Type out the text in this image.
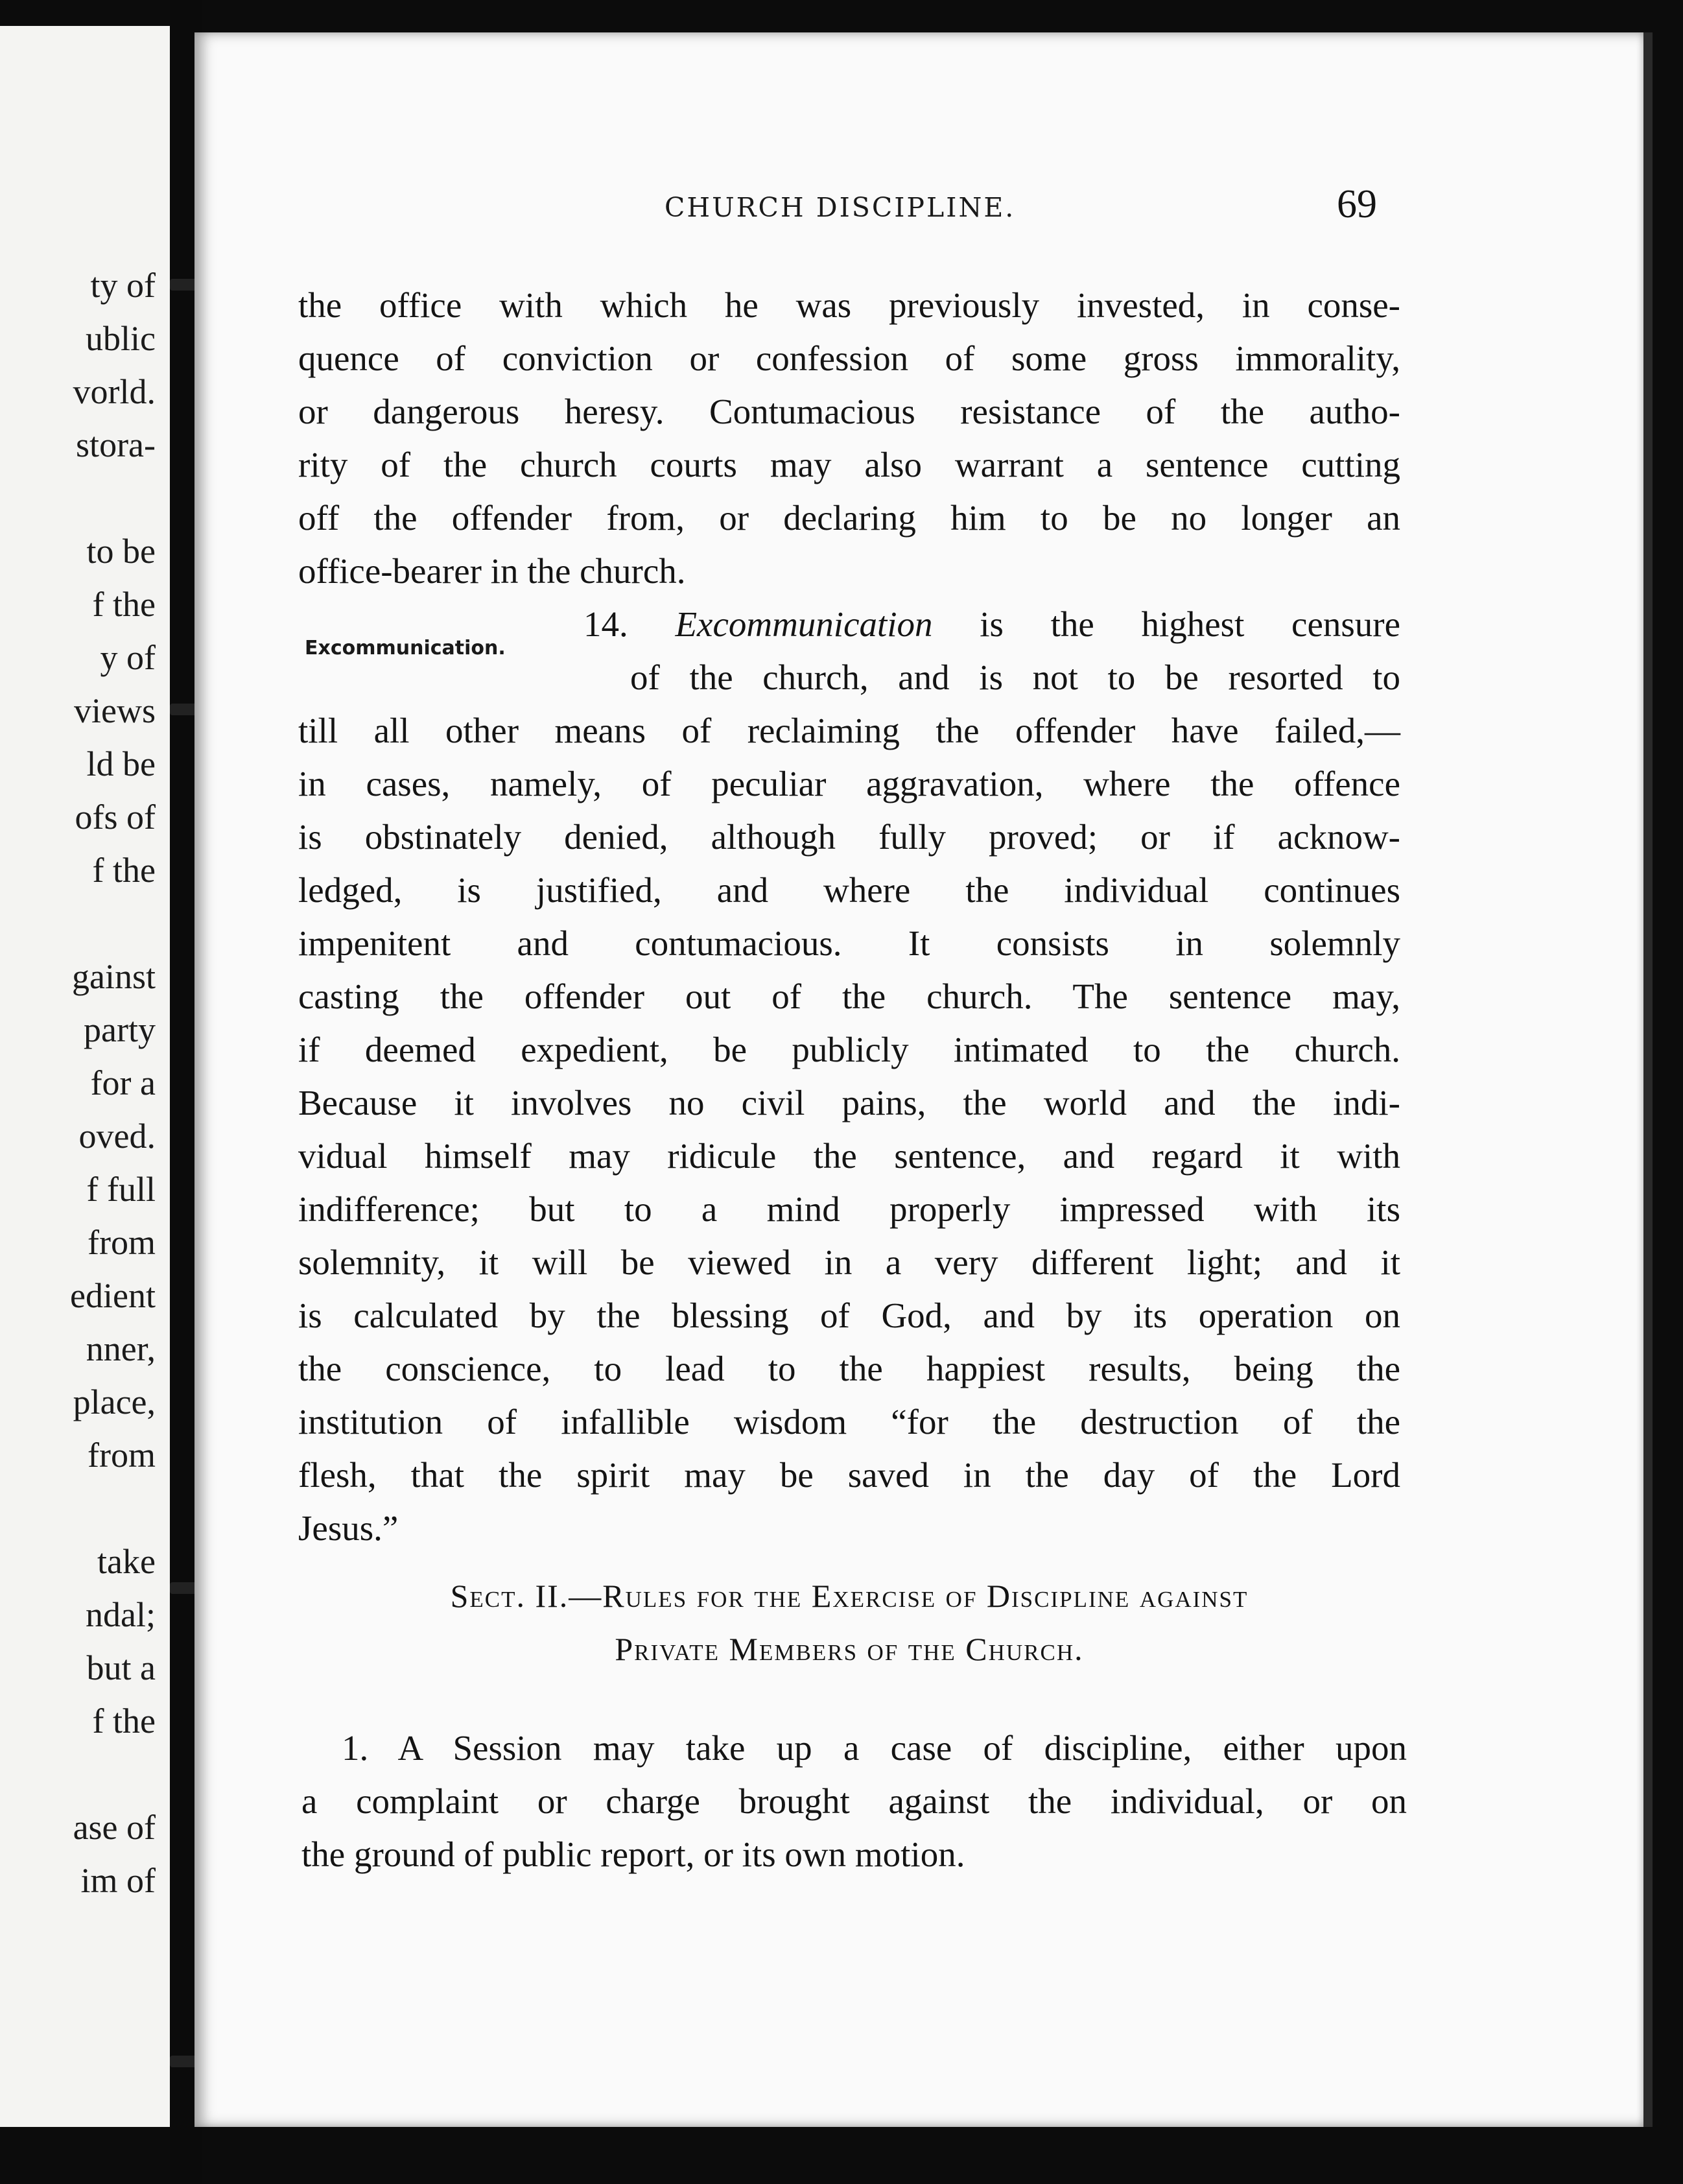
ty of
ublic
vorld.
stora-
to be
f the
y of
views
ld be
ofs of
f the
gainst
party
for a
oved.
f full
from
edient
nner,
place,
from
take
ndal;
but a
f the
ase of
im of
CHURCH DISCIPLINE.	69
Excommunication.
the office with which he was previously invested, in conse-
quence of conviction or confession of some gross immorality,
or dangerous heresy. Contumacious resistance of the autho-
rity of the church courts may also warrant a sentence cutting
off the offender from, or declaring him to be no longer an
office-bearer in the church.
14. Excommunication is the highest censure
of the church, and is not to be resorted to
till all other means of reclaiming the offender have failed,—
in cases, namely, of peculiar aggravation, where the offence
is obstinately denied, although fully proved; or if acknow-
ledged, is justified, and where the individual continues
impenitent and contumacious. It consists in solemnly
casting the offender out of the church. The sentence may,
if deemed expedient, be publicly intimated to the church.
Because it involves no civil pains, the world and the indi-
vidual himself may ridicule the sentence, and regard it with
indifference; but to a mind properly impressed with its
solemnity, it will be viewed in a very different light; and it
is calculated by the blessing of God, and by its operation on
the conscience, to lead to the happiest results, being the
institution of infallible wisdom “for the destruction of the
flesh, that the spirit may be saved in the day of the Lord
Jesus.”
Sect. II.—Rules for the Exercise of Discipline against
Private Members of the Church.
1. A Session may take up a case of discipline, either upon
a complaint or charge brought against the individual, or on
the ground of public report, or its own motion.
